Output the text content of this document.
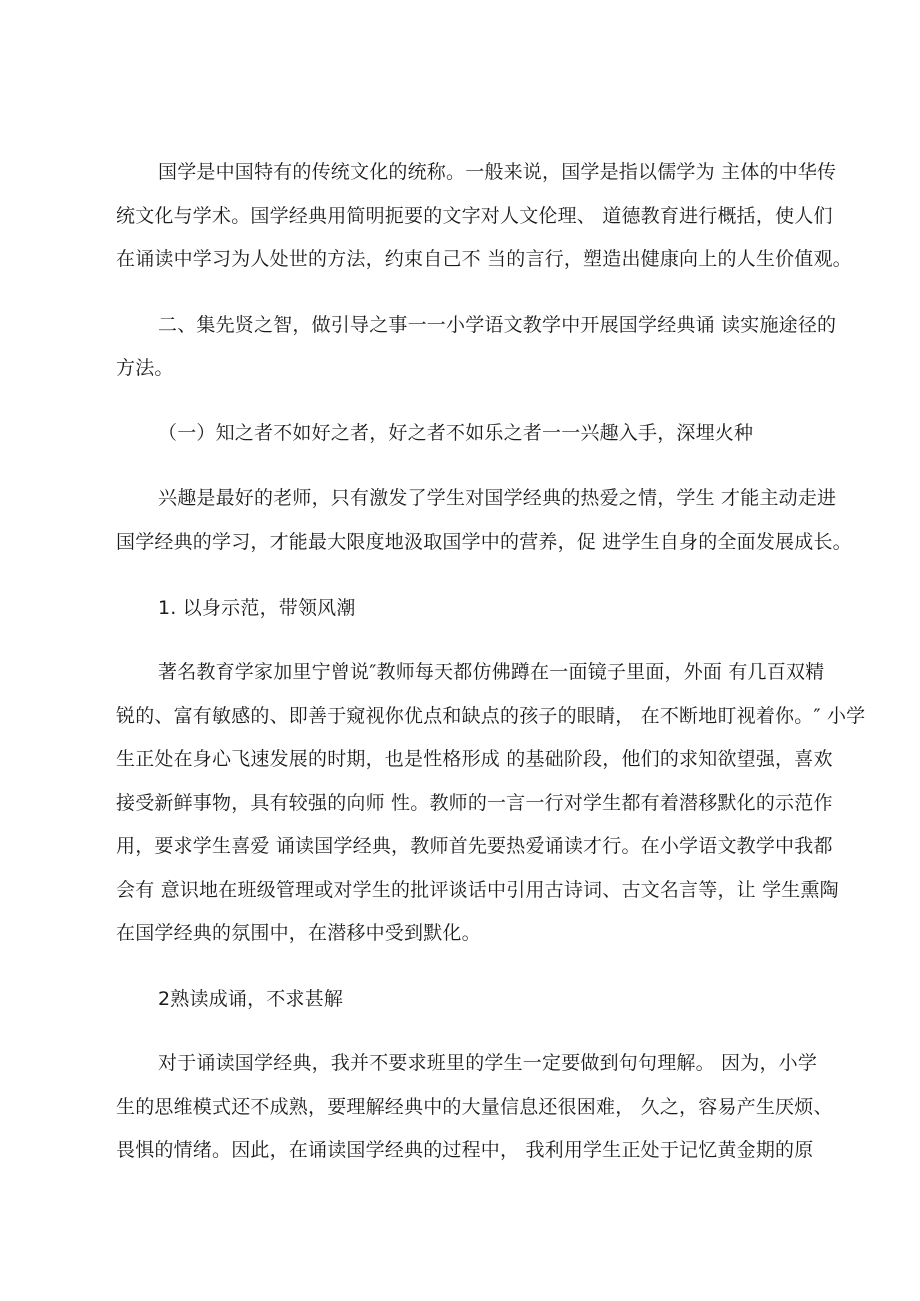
国学是中国特有的传统文化的统称。一般来说，国学是指以儒学为 主体的中华传
统文化与学术。国学经典用简明扼要的文字对人文伦理、 道德教育进行概括，使人们
在诵读中学习为人处世的方法，约束自己不 当的言行，塑造出健康向上的人生价值观。
二、集先贤之智，做引导之事一一小学语文教学中开展国学经典诵 读实施途径的
方法。
（一）知之者不如好之者，好之者不如乐之者一一兴趣入手，深埋火种
兴趣是最好的老师，只有激发了学生对国学经典的热爱之情，学生 才能主动走进
国学经典的学习，才能最大限度地汲取国学中的营养，促 进学生自身的全面发展成长。
1. 以身示范，带领风潮
著名教育学家加里宁曾说″教师每天都仿佛蹲在一面镜子里面，外面 有几百双精
锐的、富有敏感的、即善于窥视你优点和缺点的孩子的眼睛， 在不断地盯视着你。″ 小学
生正处在身心飞速发展的时期，也是性格形成 的基础阶段，他们的求知欲望强，喜欢
接受新鲜事物，具有较强的向师 性。教师的一言一行对学生都有着潜移默化的示范作
用，要求学生喜爱 诵读国学经典，教师首先要热爱诵读才行。在小学语文教学中我都
会有 意识地在班级管理或对学生的批评谈话中引用古诗词、古文名言等，让 学生熏陶
在国学经典的氛围中，在潜移中受到默化。
2熟读成诵，不求甚解
对于诵读国学经典，我并不要求班里的学生一定要做到句句理解。 因为，小学
生的思维模式还不成熟，要理解经典中的大量信息还很困难， 久之，容易产生厌烦、
畏惧的情绪。因此，在诵读国学经典的过程中， 我利用学生正处于记忆黄金期的原
